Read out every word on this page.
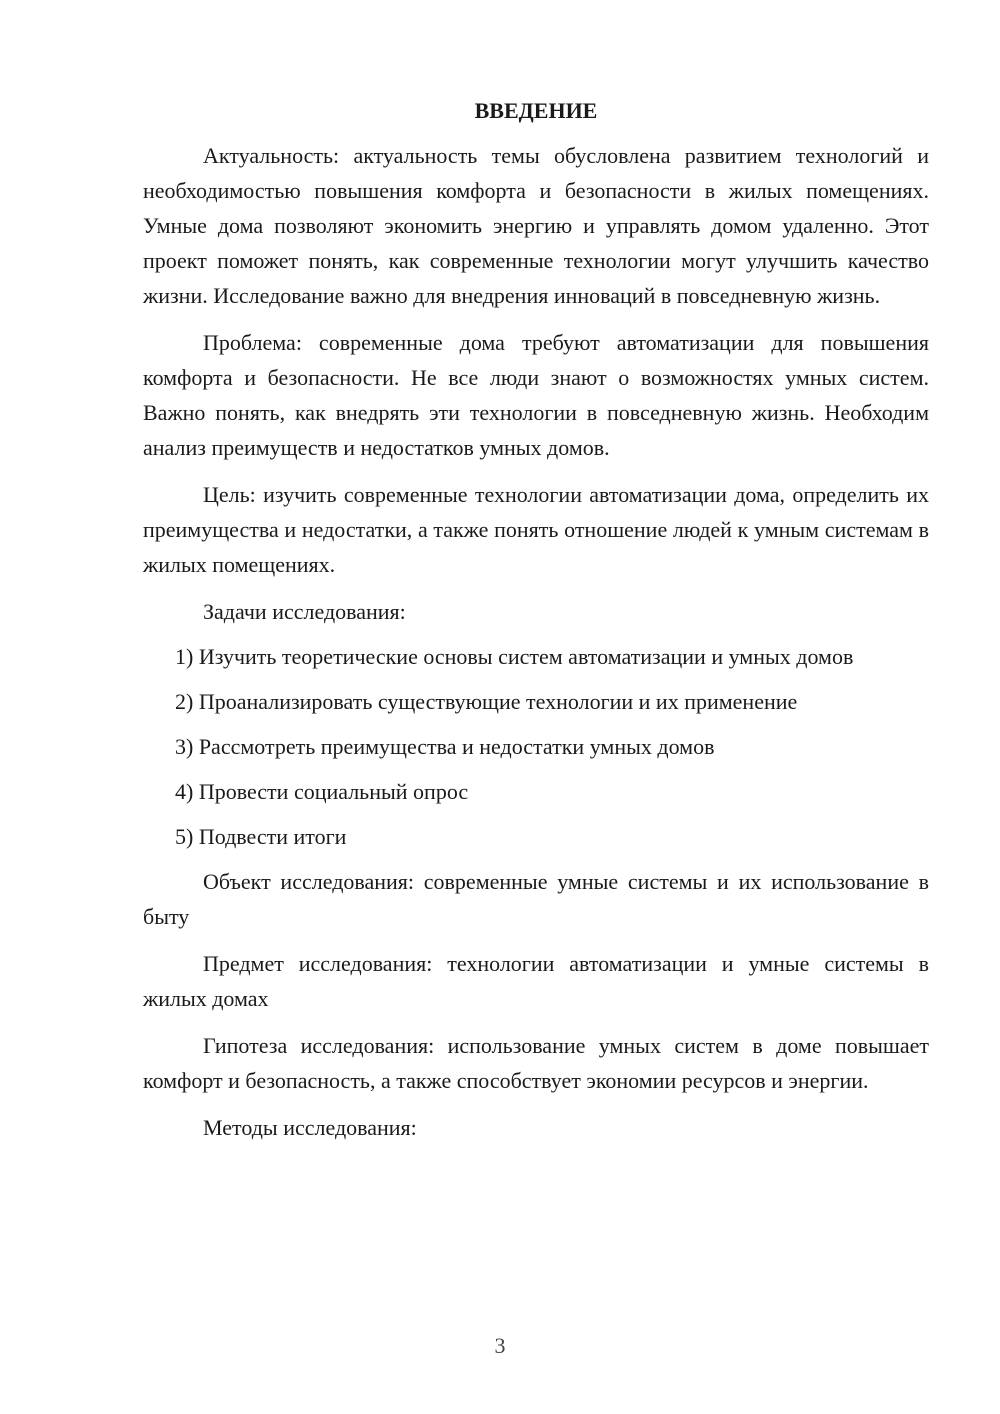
ВВЕДЕНИЕ

Актуальность: актуальность темы обусловлена развитием технологий и необходимостью повышения комфорта и безопасности в жилых помещениях. Умные дома позволяют экономить энергию и управлять домом удаленно. Этот проект поможет понять, как современные технологии могут улучшить качество жизни. Исследование важно для внедрения инноваций в повседневную жизнь.

Проблема: современные дома требуют автоматизации для повышения комфорта и безопасности. Не все люди знают о возможностях умных систем. Важно понять, как внедрять эти технологии в повседневную жизнь. Необходим анализ преимуществ и недостатков умных домов.

Цель: изучить современные технологии автоматизации дома, определить их преимущества и недостатки, а также понять отношение людей к умным системам в жилых помещениях.

Задачи исследования:

1) Изучить теоретические основы систем автоматизации и умных домов
2) Проанализировать существующие технологии и их применение
3) Рассмотреть преимущества и недостатки умных домов
4) Провести социальный опрос
5) Подвести итоги

Объект исследования: современные умные системы и их использование в быту

Предмет исследования: технологии автоматизации и умные системы в жилых домах

Гипотеза исследования: использование умных систем в доме повышает комфорт и безопасность, а также способствует экономии ресурсов и энергии.

Методы исследования:

3
